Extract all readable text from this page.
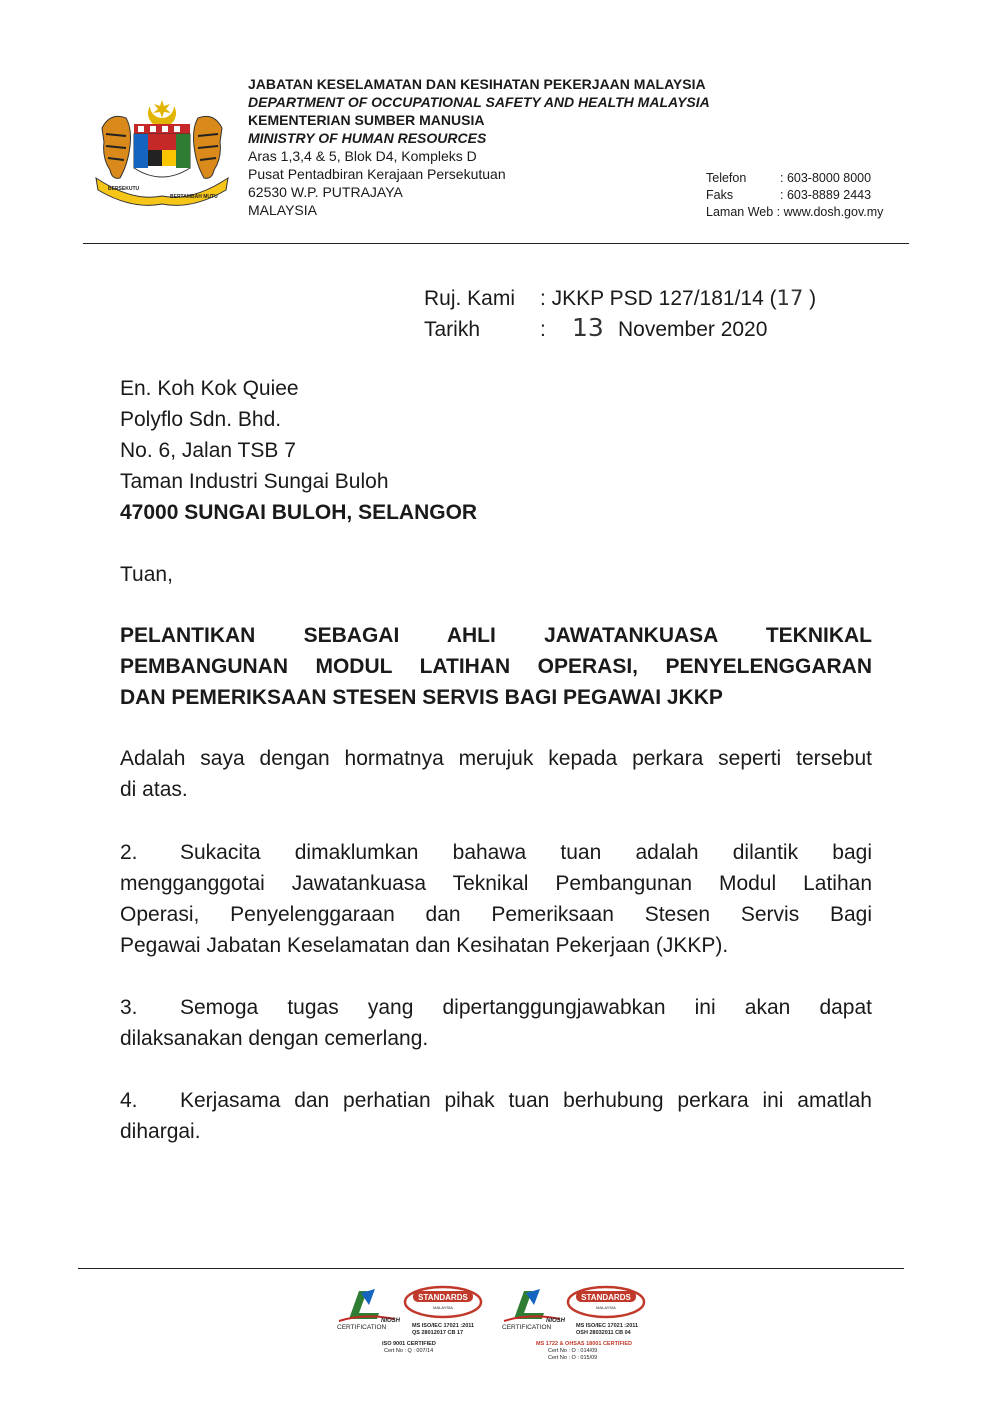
BERSEKUTU
BERTAMBAH MUTU
JABATAN KESELAMATAN DAN KESIHATAN PEKERJAAN MALAYSIA
DEPARTMENT OF OCCUPATIONAL SAFETY AND HEALTH MALAYSIA
KEMENTERIAN SUMBER MANUSIA
MINISTRY OF HUMAN RESOURCES
Aras 1,3,4 & 5, Blok D4, Kompleks D
Pusat Pentadbiran Kerajaan Persekutuan
62530 W.P. PUTRAJAYA
MALAYSIA
Telefon	: 603-8000 8000
Faks	: 603-8889 2443
Laman Web : www.dosh.gov.my
Ruj. Kami : JKKP PSD 127/181/14 (17 )
Tarikh	: 13 November 2020
En. Koh Kok Quiee
Polyflo Sdn. Bhd.
No. 6, Jalan TSB 7
Taman Industri Sungai Buloh
47000 SUNGAI BULOH, SELANGOR
Tuan,
PELANTIKAN SEBAGAI AHLI JAWATANKUASA TEKNIKAL
PEMBANGUNAN MODUL LATIHAN OPERASI, PENYELENGGARAN
DAN PEMERIKSAAN STESEN SERVIS BAGI PEGAWAI JKKP
Adalah saya dengan hormatnya merujuk kepada perkara seperti tersebut
di atas.
2. Sukacita dimaklumkan bahawa tuan adalah dilantik bagi
mengganggotai Jawatankuasa Teknikal Pembangunan Modul Latihan
Operasi, Penyelenggaraan dan Pemeriksaan Stesen Servis Bagi
Pegawai Jabatan Keselamatan dan Kesihatan Pekerjaan (JKKP).
3. Semoga tugas yang dipertanggungjawabkan ini akan dapat
dilaksanakan dengan cemerlang.
4. Kerjasama dan perhatian pihak tuan berhubung perkara ini amatlah
dihargai.
NIOSH
CERTIFICATION
STANDARDS
MALAYSIA
MS ISO/IEC 17021 :2011
QS 28012017 CB 17
ISO 9001 CERTIFIED
Cert No : Q : 007/14
NIOSH
CERTIFICATION
STANDARDS
MALAYSIA
MS ISO/IEC 17021 :2011
OSH 28032011 CB 04
MS 1722 & OHSAS 18001 CERTIFIED
Cert No : O : 014/09
Cert No : O : 015/09
